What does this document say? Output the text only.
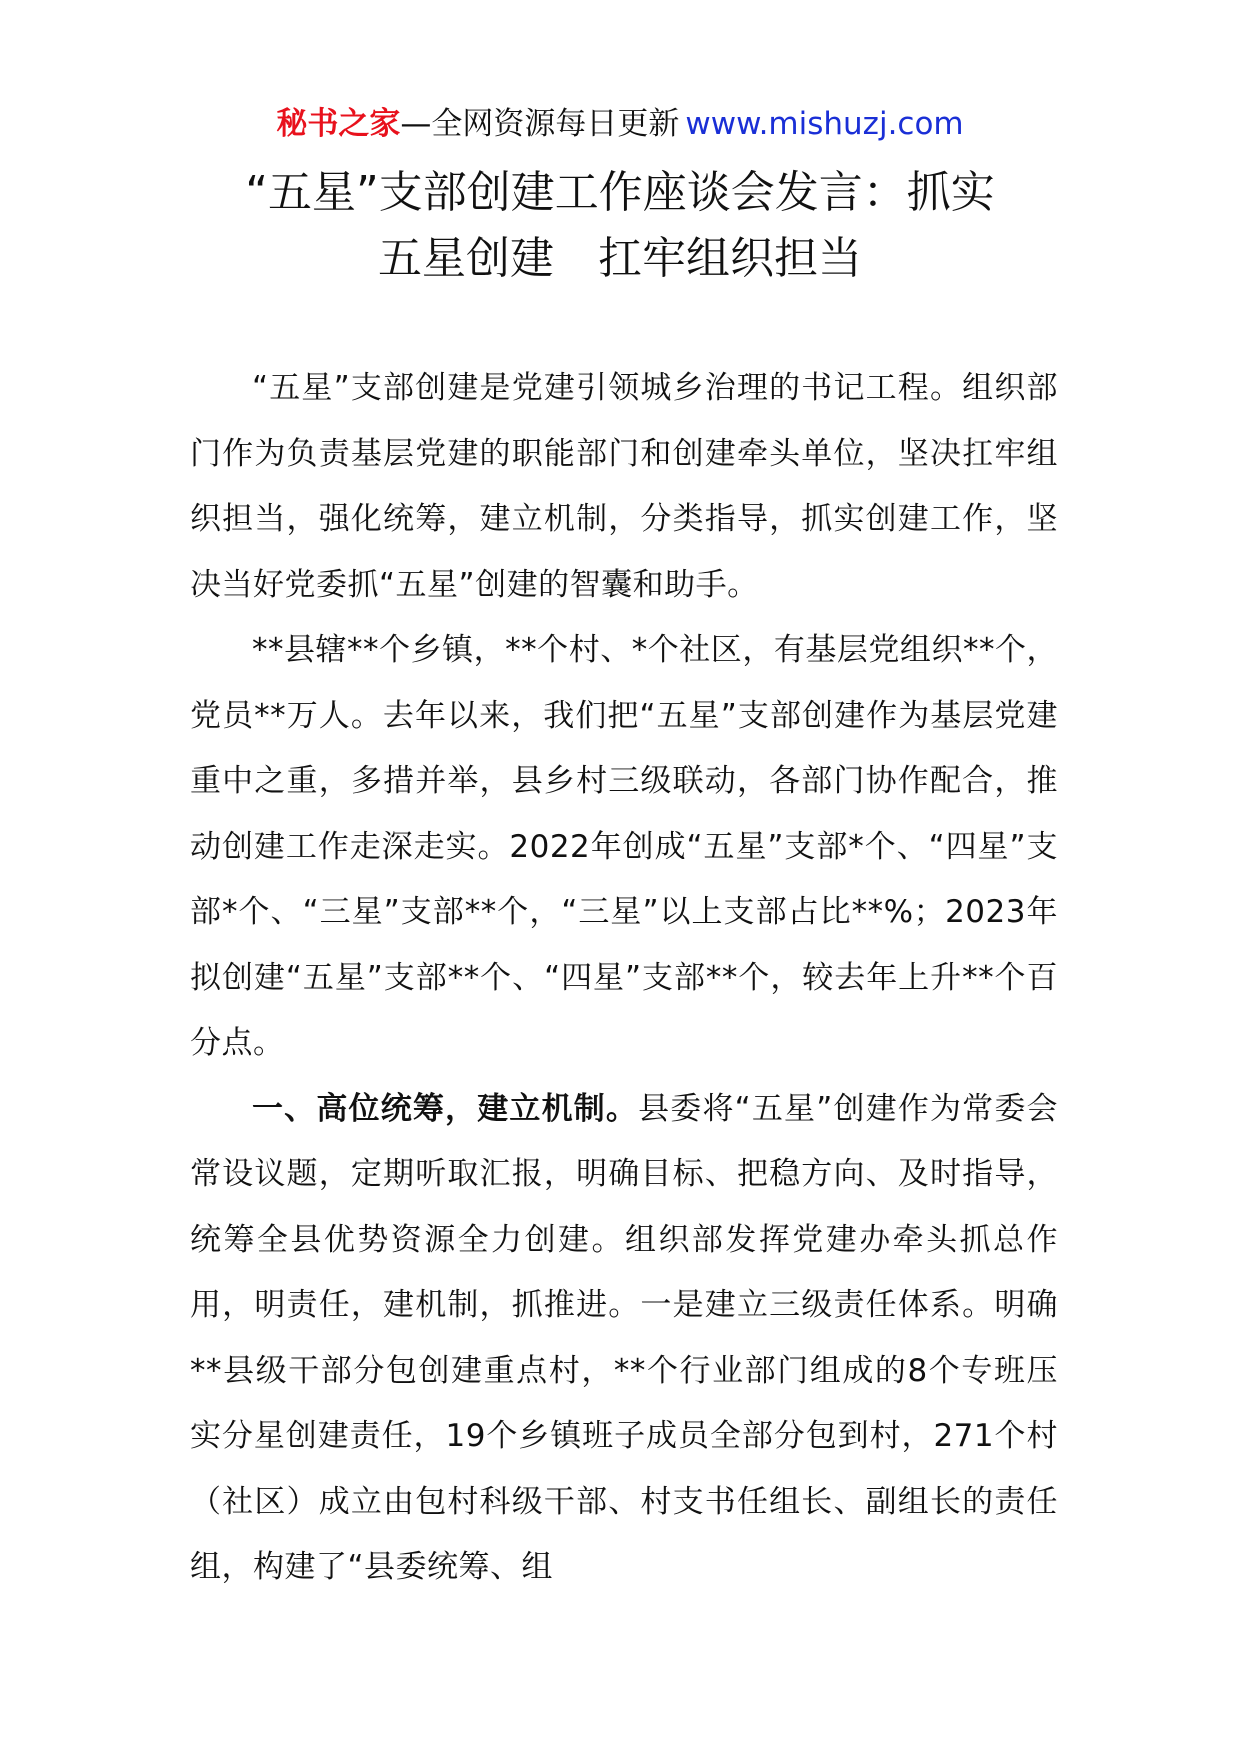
秘书之家—全网资源每日更新 www.mishuzj.com
“五星”支部创建工作座谈会发言：抓实
五星创建　扛牢组织担当

“五星”支部创建是党建引领城乡治理的书记工程。组织部门作为负责基层党建的职能部门和创建牵头单位，坚决扛牢组织担当，强化统筹，建立机制，分类指导，抓实创建工作，坚决当好党委抓“五星”创建的智囊和助手。

**县辖**个乡镇，**个村、*个社区，有基层党组织**个，党员**万人。去年以来，我们把“五星”支部创建作为基层党建重中之重，多措并举，县乡村三级联动，各部门协作配合，推动创建工作走深走实。2022年创成“五星”支部*个、“四星”支部*个、“三星”支部**个，“三星”以上支部占比**%；2023年拟创建“五星”支部**个、“四星”支部**个，较去年上升**个百分点。

一、高位统筹，建立机制。县委将“五星”创建作为常委会常设议题，定期听取汇报，明确目标、把稳方向、及时指导，统筹全县优势资源全力创建。组织部发挥党建办牵头抓总作用，明责任，建机制，抓推进。一是建立三级责任体系。明确**县级干部分包创建重点村，**个行业部门组成的8个专班压实分星创建责任，19个乡镇班子成员全部分包到村，271个村（社区）成立由包村科级干部、村支书任组长、副组长的责任组，构建了“县委统筹、组
